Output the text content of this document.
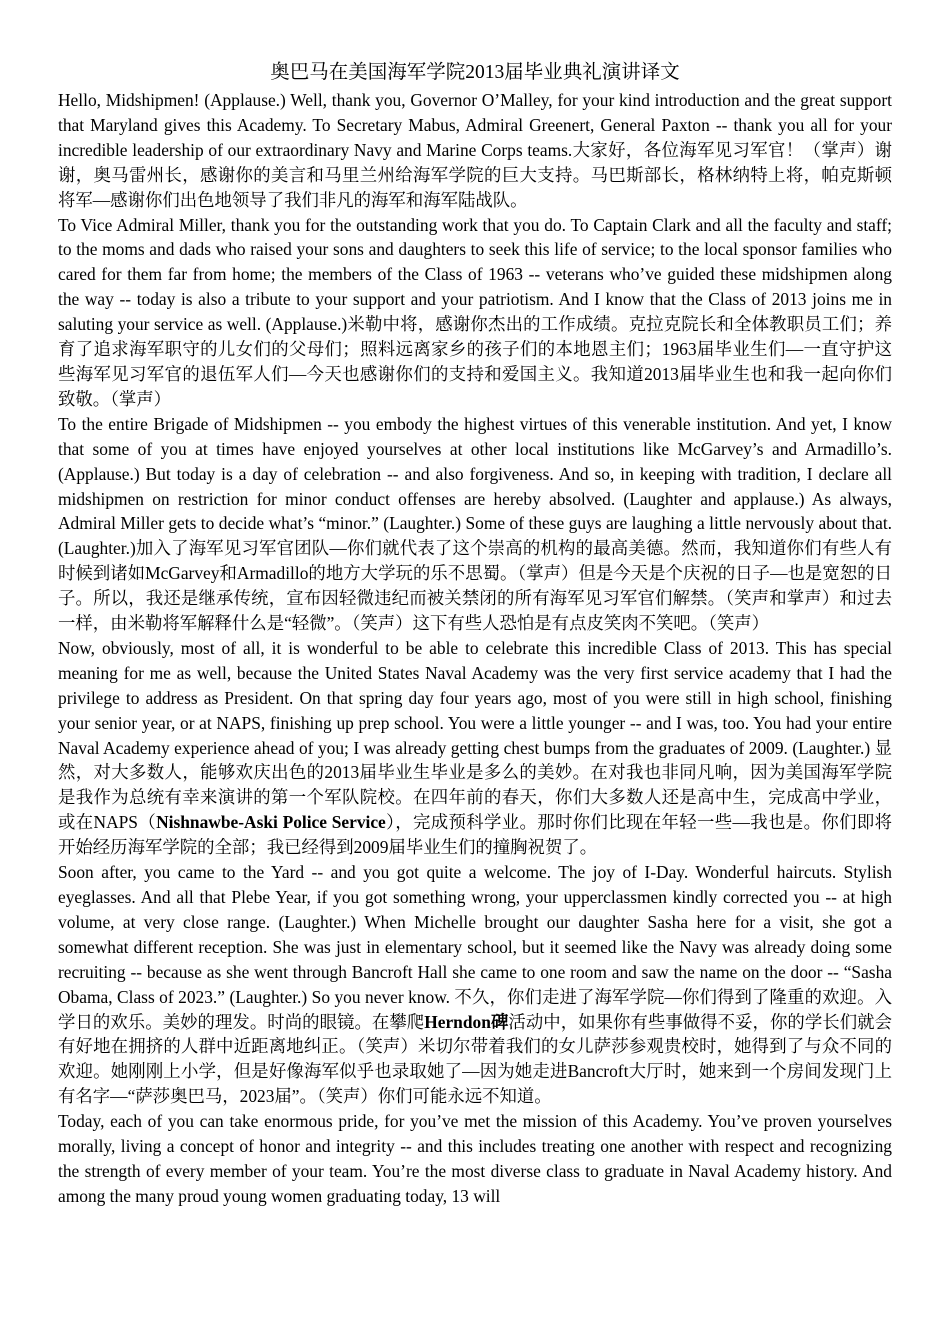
奥巴马在美国海军学院2013届毕业典礼演讲译文

Hello, Midshipmen! (Applause.) Well, thank you, Governor O’Malley, for your kind introduction and the great support that Maryland gives this Academy. To Secretary Mabus, Admiral Greenert, General Paxton -- thank you all for your incredible leadership of our extraordinary Navy and Marine Corps teams.大家好，各位海军见习军官！（掌声）谢谢，奥马雷州长，感谢你的美言和马里兰州给海军学院的巨大支持。马巴斯部长，格林纳特上将，帕克斯顿将军—感谢你们出色地领导了我们非凡的海军和海军陆战队。

To Vice Admiral Miller, thank you for the outstanding work that you do. To Captain Clark and all the faculty and staff; to the moms and dads who raised your sons and daughters to seek this life of service; to the local sponsor families who cared for them far from home; the members of the Class of 1963 -- veterans who’ve guided these midshipmen along the way -- today is also a tribute to your support and your patriotism. And I know that the Class of 2013 joins me in saluting your service as well. (Applause.)米勒中将，感谢你杰出的工作成绩。克拉克院长和全体教职员工们；养育了追求海军职守的儿女们的父母们；照料远离家乡的孩子们的本地恩主们；1963届毕业生们—一直守护这些海军见习军官的退伍军人们—今天也感谢你们的支持和爱国主义。我知道2013届毕业生也和我一起向你们致敬。（掌声）

To the entire Brigade of Midshipmen -- you embody the highest virtues of this venerable institution. And yet, I know that some of you at times have enjoyed yourselves at other local institutions like McGarvey’s and Armadillo’s. (Applause.) But today is a day of celebration -- and also forgiveness. And so, in keeping with tradition, I declare all midshipmen on restriction for minor conduct offenses are hereby absolved. (Laughter and applause.) As always, Admiral Miller gets to decide what’s “minor.” (Laughter.) Some of these guys are laughing a little nervously about that. (Laughter.)加入了海军见习军官团队—你们就代表了这个崇高的机构的最高美德。然而，我知道你们有些人有时候到诸如McGarvey和Armadillo的地方大学玩的乐不思蜀。（掌声）但是今天是个庆祝的日子—也是宽恕的日子。所以，我还是继承传统，宣布因轻微违纪而被关禁闭的所有海军见习军官们解禁。（笑声和掌声）和过去一样，由米勒将军解释什么是“轻微”。（笑声）这下有些人恐怕是有点皮笑肉不笑吧。（笑声）

Now, obviously, most of all, it is wonderful to be able to celebrate this incredible Class of 2013. This has special meaning for me as well, because the United States Naval Academy was the very first service academy that I had the privilege to address as President. On that spring day four years ago, most of you were still in high school, finishing your senior year, or at NAPS, finishing up prep school. You were a little younger -- and I was, too. You had your entire Naval Academy experience ahead of you; I was already getting chest bumps from the graduates of 2009. (Laughter.) 显然，对大多数人，能够欢庆出色的2013届毕业生毕业是多么的美妙。在对我也非同凡响，因为美国海军学院是我作为总统有幸来演讲的第一个军队院校。在四年前的春天，你们大多数人还是高中生，完成高中学业，或在NAPS（Nishnawbe-Aski Police Service），完成预科学业。那时你们比现在年轻一些—我也是。你们即将开始经历海军学院的全部；我已经得到2009届毕业生们的撞胸祝贺了。

Soon after, you came to the Yard -- and you got quite a welcome. The joy of I-Day. Wonderful haircuts. Stylish eyeglasses. And all that Plebe Year, if you got something wrong, your upperclassmen kindly corrected you -- at high volume, at very close range. (Laughter.) When Michelle brought our daughter Sasha here for a visit, she got a somewhat different reception. She was just in elementary school, but it seemed like the Navy was already doing some recruiting -- because as she went through Bancroft Hall she came to one room and saw the name on the door -- “Sasha Obama, Class of 2023.” (Laughter.) So you never know. 不久，你们走进了海军学院—你们得到了隆重的欢迎。入学日的欢乐。美妙的理发。时尚的眼镜。在攀爬Herndon碑活动中，如果你有些事做得不妥，你的学长们就会有好地在拥挤的人群中近距离地纠正。（笑声）米切尔带着我们的女儿萨莎参观贵校时，她得到了与众不同的欢迎。她刚刚上小学，但是好像海军似乎也录取她了—因为她走进Bancroft大厅时，她来到一个房间发现门上有名字—“萨莎奥巴马，2023届”。（笑声）你们可能永远不知道。

Today, each of you can take enormous pride, for you’ve met the mission of this Academy. You’ve proven yourselves morally, living a concept of honor and integrity -- and this includes treating one another with respect and recognizing the strength of every member of your team. You’re the most diverse class to graduate in Naval Academy history. And among the many proud young women graduating today, 13 will
